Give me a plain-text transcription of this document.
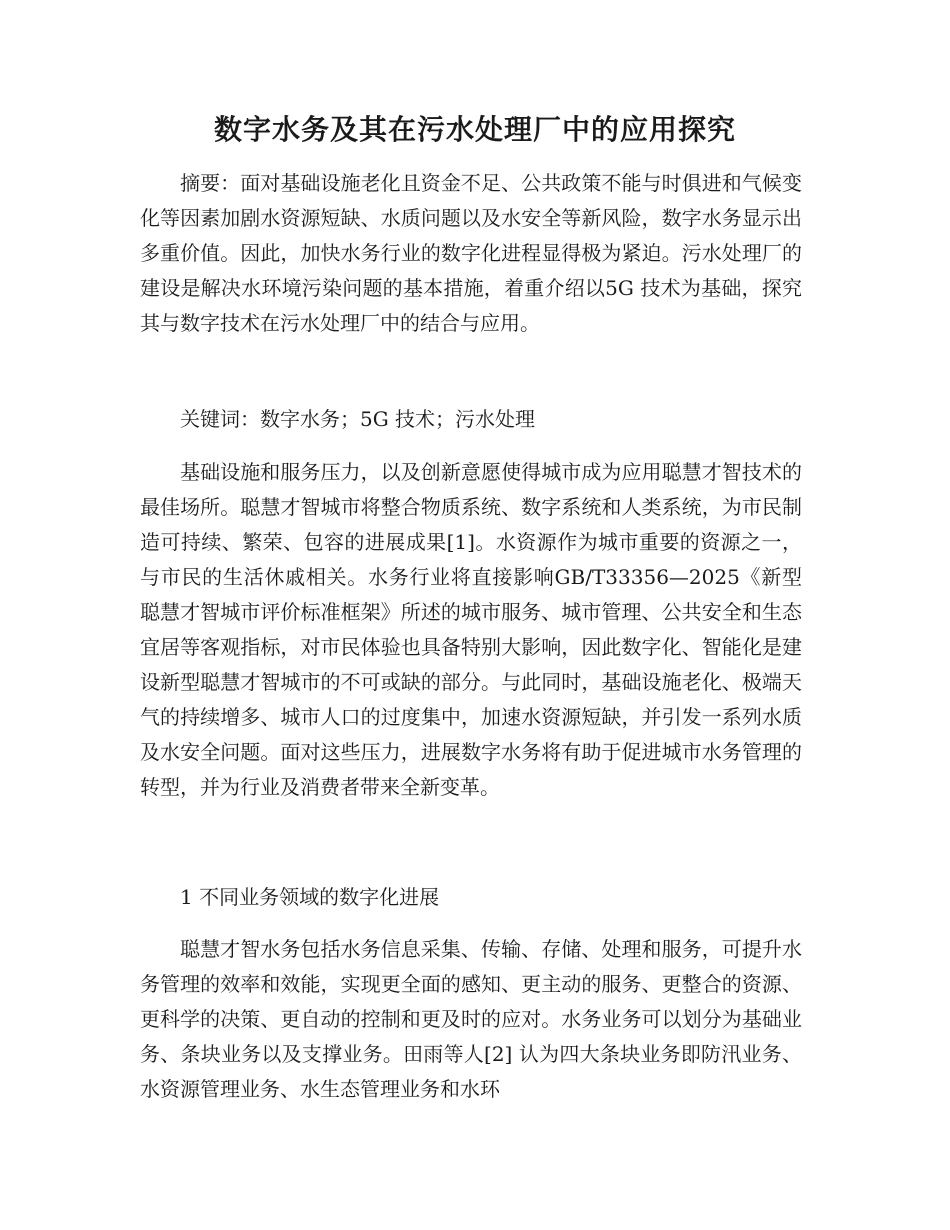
数字水务及其在污水处理厂中的应用探究

摘要：面对基础设施老化且资金不足、公共政策不能与时俱进和气候变化等因素加剧水资源短缺、水质问题以及水安全等新风险，数字水务显示出多重价值。因此，加快水务行业的数字化进程显得极为紧迫。污水处理厂的建设是解决水环境污染问题的基本措施，着重介绍以5G 技术为基础，探究其与数字技术在污水处理厂中的结合与应用。

关键词：数字水务；5G 技术；污水处理

基础设施和服务压力，以及创新意愿使得城市成为应用聪慧才智技术的最佳场所。聪慧才智城市将整合物质系统、数字系统和人类系统，为市民制造可持续、繁荣、包容的进展成果[1]。水资源作为城市重要的资源之一，与市民的生活休戚相关。水务行业将直接影响GB/T33356—2025《新型聪慧才智城市评价标准框架》所述的城市服务、城市管理、公共安全和生态宜居等客观指标，对市民体验也具备特别大影响，因此数字化、智能化是建设新型聪慧才智城市的不可或缺的部分。与此同时，基础设施老化、极端天气的持续增多、城市人口的过度集中，加速水资源短缺，并引发一系列水质及水安全问题。面对这些压力，进展数字水务将有助于促进城市水务管理的转型，并为行业及消费者带来全新变革。

1 不同业务领域的数字化进展

聪慧才智水务包括水务信息采集、传输、存储、处理和服务，可提升水务管理的效率和效能，实现更全面的感知、更主动的服务、更整合的资源、更科学的决策、更自动的控制和更及时的应对。水务业务可以划分为基础业务、条块业务以及支撑业务。田雨等人[2] 认为四大条块业务即防汛业务、水资源管理业务、水生态管理业务和水环
